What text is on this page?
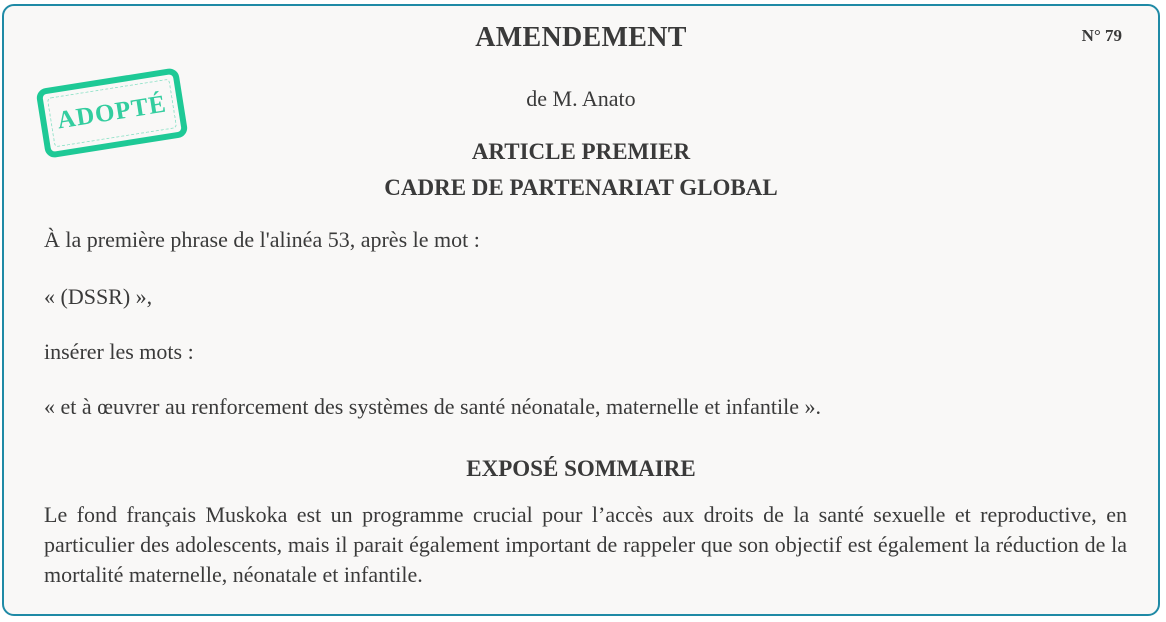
AMENDEMENT	N° 79
ADOPTÉ	de M. Anato
ARTICLE PREMIER
CADRE DE PARTENARIAT GLOBAL
À la première phrase de l'alinéa 53, après le mot :
« (DSSR) »,
insérer les mots :
« et à œuvrer au renforcement des systèmes de santé néonatale, maternelle et infantile ».
EXPOSÉ SOMMAIRE
Le fond français Muskoka est un programme crucial pour l’accès aux droits de la santé sexuelle et reproductive, en particulier des adolescents, mais il parait également important de rappeler que son objectif est également la réduction de la mortalité maternelle, néonatale et infantile.
